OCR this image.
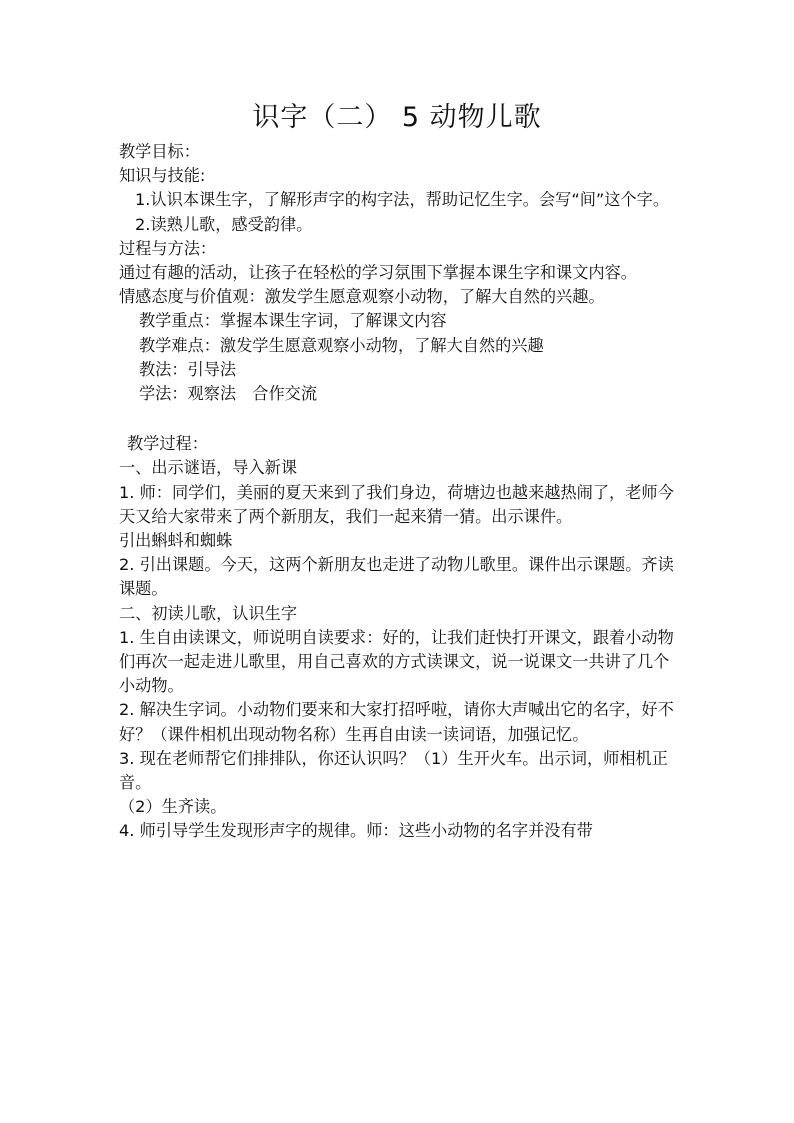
识字（二） 5 动物儿歌
教学目标：
知识与技能:
1.认识本课生字，了解形声字的构字法，帮助记忆生字。会写“间”这个字。
2.读熟儿歌，感受韵律。
过程与方法：
通过有趣的活动，让孩子在轻松的学习氛围下掌握本课生字和课文内容。
情感态度与价值观：激发学生愿意观察小动物，了解大自然的兴趣。
教学重点：掌握本课生字词，了解课文内容
教学难点：激发学生愿意观察小动物，了解大自然的兴趣
教法：引导法
学法：观察法　合作交流
教学过程：
一、出示谜语，导入新课
1. 师：同学们，美丽的夏天来到了我们身边，荷塘边也越来越热闹了，老师今天又给大家带来了两个新朋友，我们一起来猜一猜。出示课件。
引出蝌蚪和蜘蛛
2. 引出课题。今天，这两个新朋友也走进了动物儿歌里。课件出示课题。齐读课题。
二、初读儿歌，认识生字
1. 生自由读课文，师说明自读要求：好的，让我们赶快打开课文，跟着小动物们再次一起走进儿歌里，用自己喜欢的方式读课文，说一说课文一共讲了几个小动物。
2. 解决生字词。小动物们要来和大家打招呼啦，请你大声喊出它的名字，好不好？（课件相机出现动物名称）生再自由读一读词语，加强记忆。
3. 现在老师帮它们排排队，你还认识吗？（1）生开火车。出示词，师相机正音。
（2）生齐读。
4. 师引导学生发现形声字的规律。师：这些小动物的名字并没有带
